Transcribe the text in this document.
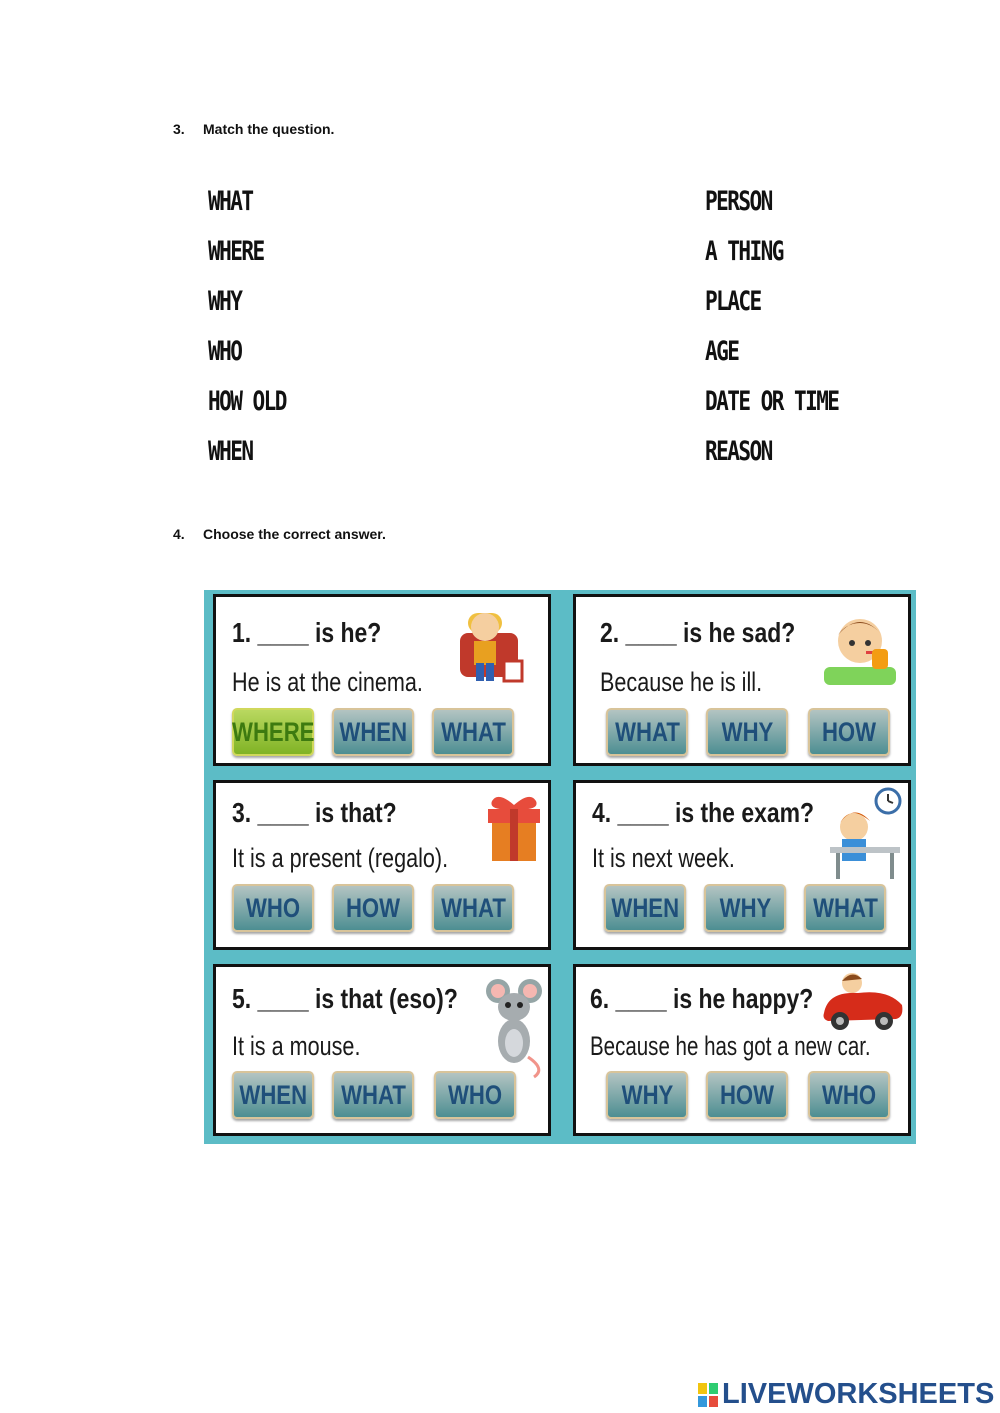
3. Match the question.
WHAT
WHERE
WHY
WHO
HOW OLD
WHEN
PERSON
A THING
PLACE
AGE
DATE OR TIME
REASON
4. Choose the correct answer.
1. ____ is he?
He is at the cinema.
WHERE WHEN WHAT
2. ____ is he sad?
Because he is ill.
WHAT WHY HOW
3. ____ is that?
It is a present (regalo).
WHO HOW WHAT
4. ____ is the exam?
It is next week.
WHEN WHY WHAT
5. ____ is that (eso)?
It is a mouse.
WHEN WHAT WHO
6. ____ is he happy?
Because he has got a new car.
WHY HOW WHO
LIVEWORKSHEETS
